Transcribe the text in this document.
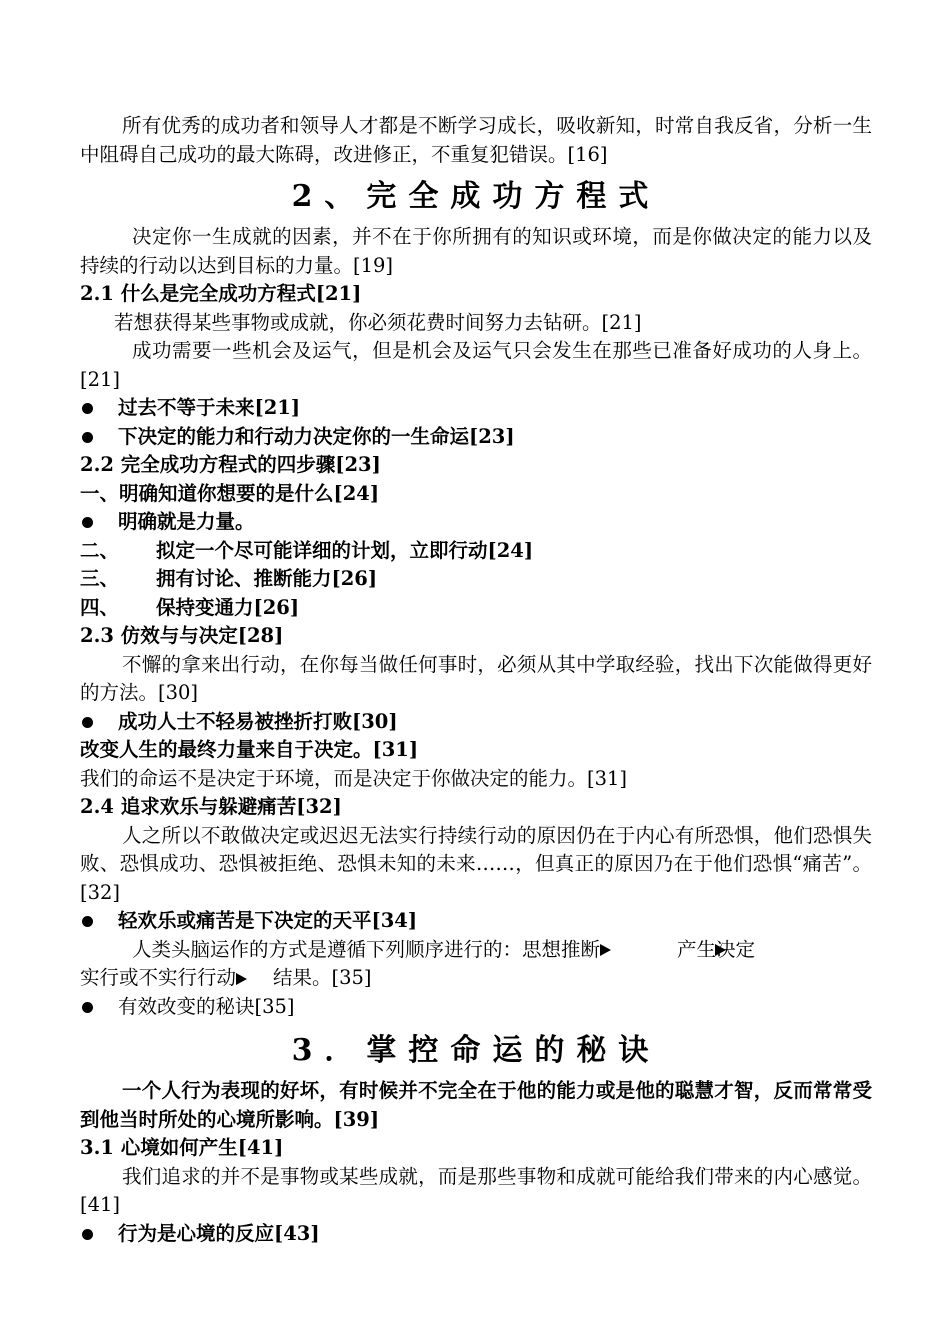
所有优秀的成功者和领导人才都是不断学习成长，吸收新知，时常自我反省，分析一生中阻碍自己成功的最大陈碍，改进修正，不重复犯错误。[16]

2、完全成功方程式

决定你一生成就的因素，并不在于你所拥有的知识或环境，而是你做决定的能力以及持续的行动以达到目标的力量。[19]

2.1 什么是完全成功方程式[21]

若想获得某些事物或成就，你必须花费时间努力去钻研。[21]

成功需要一些机会及运气，但是机会及运气只会发生在那些已准备好成功的人身上。[21]

过去不等于未来[21]

下决定的能力和行动力决定你的一生命运[23]

2.2 完全成功方程式的四步骤[23]

一、明确知道你想要的是什么[24]

明确就是力量。

二、 拟定一个尽可能详细的计划，立即行动[24]

三、 拥有讨论、推断能力[26]

四、 保持变通力[26]

2.3 仿效与与决定[28]

不懈的拿来出行动，在你每当做任何事时，必须从其中学取经验，找出下次能做得更好的方法。[30]

成功人士不轻易被挫折打败[30]

改变人生的最终力量来自于决定。[31]

我们的命运不是决定于环境，而是决定于你做决定的能力。[31]

2.4 追求欢乐与躲避痛苦[32]

人之所以不敢做决定或迟迟无法实行持续行动的原因仍在于内心有所恐惧，他们恐惧失败、恐惧成功、恐惧被拒绝、恐惧未知的未来……，但真正的原因乃在于他们恐惧“痛苦”。[32]

轻欢乐或痛苦是下决定的天平[34]

人类头脑运作的方式是遵循下列顺序进行的：思想推断	产生决定

实行或不实行行动 结果。[35]

有效改变的秘诀[35]

3．掌控命运的秘诀

一个人行为表现的好坏，有时候并不完全在于他的能力或是他的聪慧才智，反而常常受到他当时所处的心境所影响。[39]

3.1 心境如何产生[41]

我们追求的并不是事物或某些成就，而是那些事物和成就可能给我们带来的内心感觉。[41]

行为是心境的反应[43]
